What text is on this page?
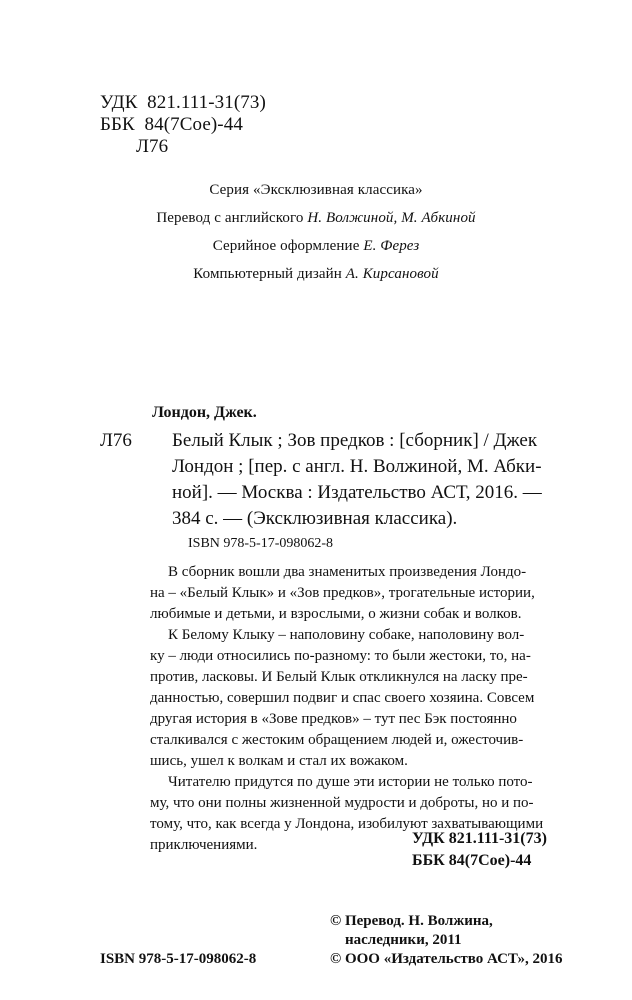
УДК 821.111-31(73)
ББК 84(7Сое)-44
Л76
Серия «Эксклюзивная классика»
Перевод с английского Н. Волжиной, М. Абкиной
Серийное оформление Е. Ферез
Компьютерный дизайн А. Кирсановой
Лондон, Джек.
Л76 Белый Клык ; Зов предков : [сборник] / Джек
Лондон ; [пер. с англ. Н. Волжиной, М. Абки-
ной]. — Москва : Издательство АСТ, 2016. —
384 с. — (Эксклюзивная классика).
ISBN 978-5-17-098062-8
В сборник вошли два знаменитых произведения Лондо-
на – «Белый Клык» и «Зов предков», трогательные истории,
любимые и детьми, и взрослыми, о жизни собак и волков.
К Белому Клыку – наполовину собаке, наполовину вол-
ку – люди относились по-разному: то были жестоки, то, на-
против, ласковы. И Белый Клык откликнулся на ласку пре-
данностью, совершил подвиг и спас своего хозяина. Совсем
другая история в «Зове предков» – тут пес Бэк постоянно
сталкивался с жестоким обращением людей и, ожесточив-
шись, ушел к волкам и стал их вожаком.
Читателю придутся по душе эти истории не только пото-
му, что они полны жизненной мудрости и доброты, но и по-
тому, что, как всегда у Лондона, изобилуют захватывающими
приключениями.	УДК 821.111-31(73)
ББК 84(7Сое)-44
© Перевод. Н. Волжина,
наследники, 2011
© ООО «Издательство АСТ», 2016
ISBN 978-5-17-098062-8
